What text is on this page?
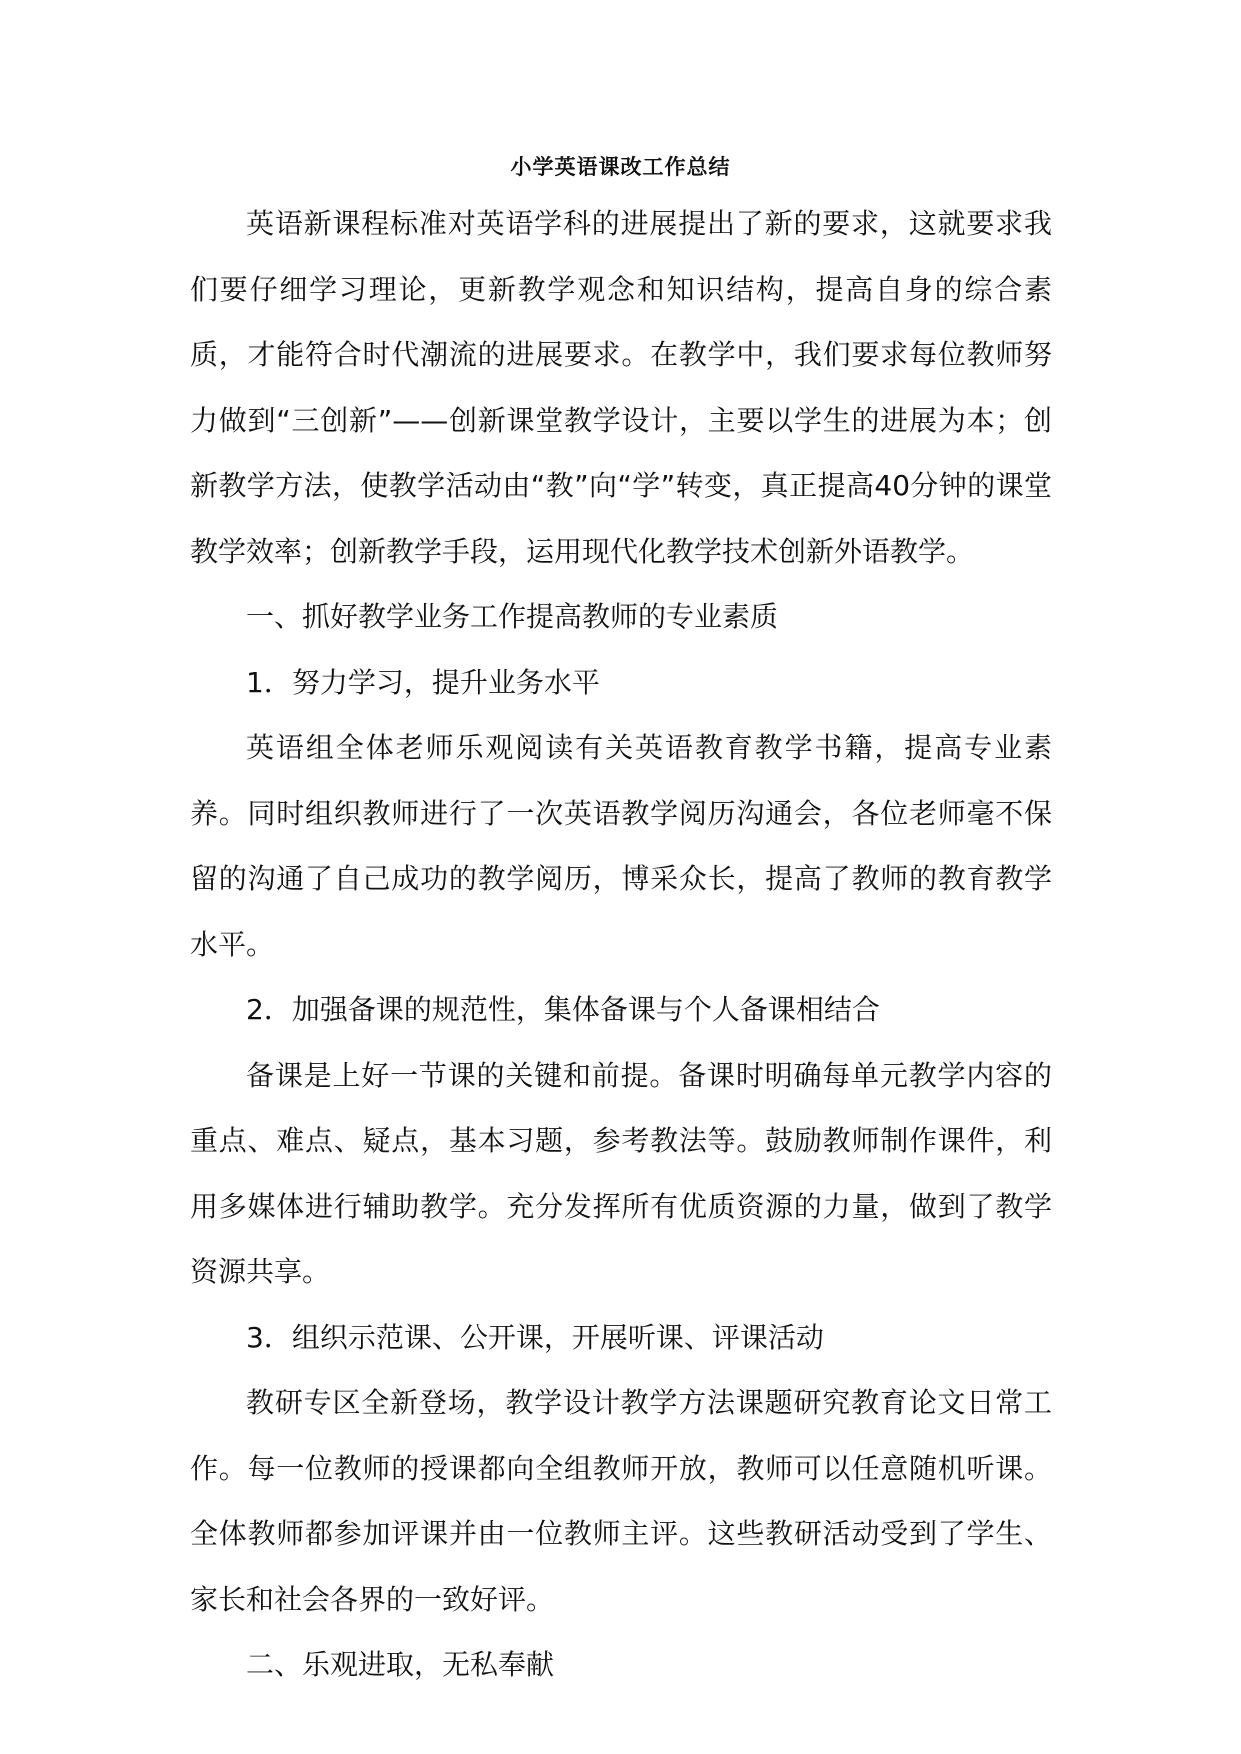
小学英语课改工作总结

英语新课程标准对英语学科的进展提出了新的要求，这就要求我们要仔细学习理论，更新教学观念和知识结构，提高自身的综合素质，才能符合时代潮流的进展要求。在教学中，我们要求每位教师努力做到“三创新”——创新课堂教学设计，主要以学生的进展为本；创新教学方法，使教学活动由“教”向“学”转变，真正提高40分钟的课堂教学效率；创新教学手段，运用现代化教学技术创新外语教学。

一、抓好教学业务工作提高教师的专业素质

1．努力学习，提升业务水平

英语组全体老师乐观阅读有关英语教育教学书籍，提高专业素养。同时组织教师进行了一次英语教学阅历沟通会，各位老师毫不保留的沟通了自己成功的教学阅历，博采众长，提高了教师的教育教学水平。

2．加强备课的规范性，集体备课与个人备课相结合

备课是上好一节课的关键和前提。备课时明确每单元教学内容的重点、难点、疑点，基本习题，参考教法等。鼓励教师制作课件，利用多媒体进行辅助教学。充分发挥所有优质资源的力量，做到了教学资源共享。

3．组织示范课、公开课，开展听课、评课活动

教研专区全新登场，教学设计教学方法课题研究教育论文日常工作。每一位教师的授课都向全组教师开放，教师可以任意随机听课。全体教师都参加评课并由一位教师主评。这些教研活动受到了学生、家长和社会各界的一致好评。

二、乐观进取，无私奉献
